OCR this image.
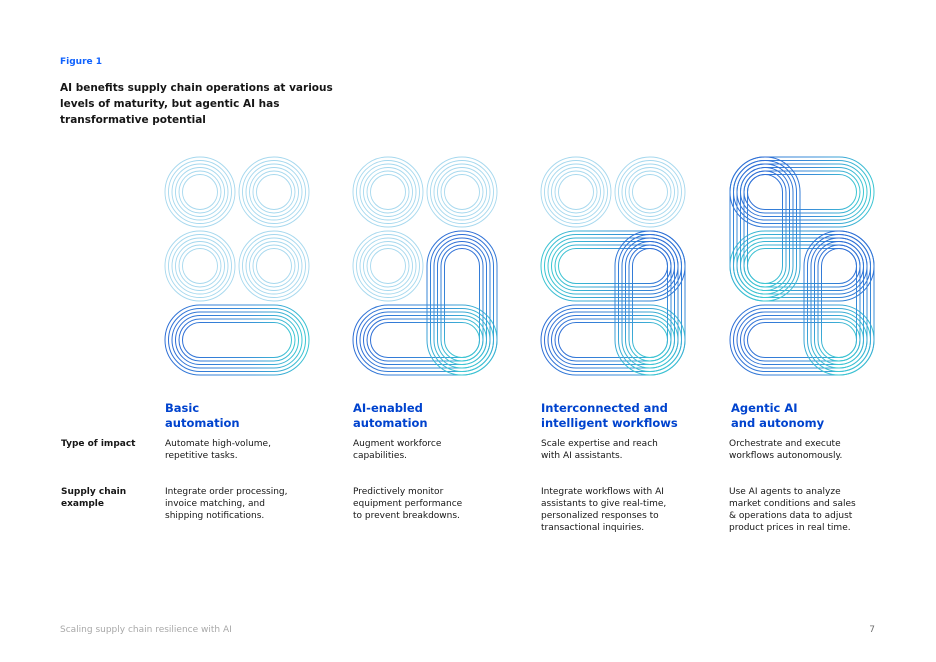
Figure 1
AI benefits supply chain operations at various levels of maturity, but agentic AI has transformative potential
Basic
automation
AI-enabled
automation
Interconnected and
intelligent workflows
Agentic AI
and autonomy
Type of impact
Supply chain
example
Automate high-volume,
repetitive tasks.
Augment workforce
capabilities.
Scale expertise and reach
with AI assistants.
Orchestrate and execute
workflows autonomously.
Integrate order processing,
invoice matching, and
shipping notifications.
Predictively monitor
equipment performance
to prevent breakdowns.
Integrate workflows with AI
assistants to give real-time,
personalized responses to
transactional inquiries.
Use AI agents to analyze
market conditions and sales
& operations data to adjust
product prices in real time.
Scaling supply chain resilience with AI	7
